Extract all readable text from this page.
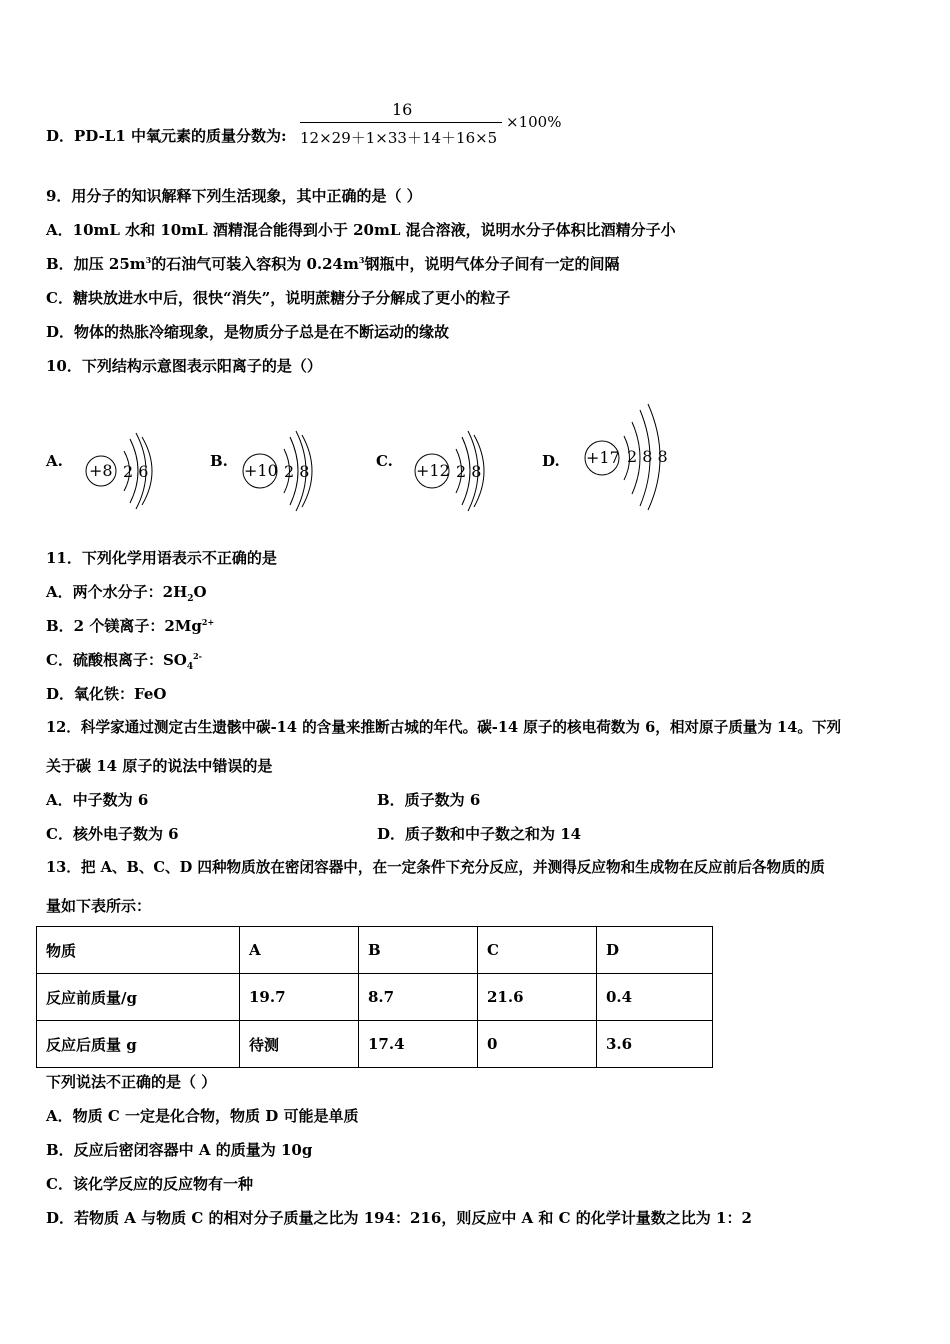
D．PD-L1 中氧元素的质量分数为:
16
12×29＋1×33＋14＋16×5
×100%
9．用分子的知识解释下列生活现象，其中正确的是（ ）
A．10mL 水和 10mL 酒精混合能得到小于 20mL 混合溶液，说明水分子体积比酒精分子小
B．加压 $25m^3$的石油气可装入容积为 $0.24m^3$钢瓶中，说明气体分子间有一定的间隔
C．糖块放进水中后，很快“消失”，说明蔗糖分子分解成了更小的粒子
D．物体的热胀冷缩现象，是物质分子总是在不断运动的缘故
10．下列结构示意图表示阳离子的是（）
A.	B.	C.	D.
+8 2 6	+10 2 8	+12 2 8
+17 2 8 8
11．下列化学用语表示不正确的是
A．两个水分子：$2H_2O$
B．2 个镁离子：$2Mg^{2+}$
C．硫酸根离子：$SO_4^{2-}$
D．氧化铁：FeO
12．科学家通过测定古生遗骸中碳-14 的含量来推断古城的年代。碳-14 原子的核电荷数为 6，相对原子质量为 14。下列
关于碳 14 原子的说法中错误的是
A．中子数为 6	B．质子数为 6
C．核外电子数为 6	D．质子数和中子数之和为 14
13．把 A、B、C、D 四种物质放在密闭容器中，在一定条件下充分反应，并测得反应物和生成物在反应前后各物质的质
量如下表所示：
物质	A	B	C	D
反应前质量/g	19.7	8.7	21.6	0.4
反应后质量 g	待测	17.4	0	3.6
下列说法不正确的是（ ）
A．物质 C 一定是化合物，物质 D 可能是单质
B．反应后密闭容器中 A 的质量为 10g
C．该化学反应的反应物有一种
D．若物质 A 与物质 C 的相对分子质量之比为 194：216，则反应中 A 和 C 的化学计量数之比为 1：2
